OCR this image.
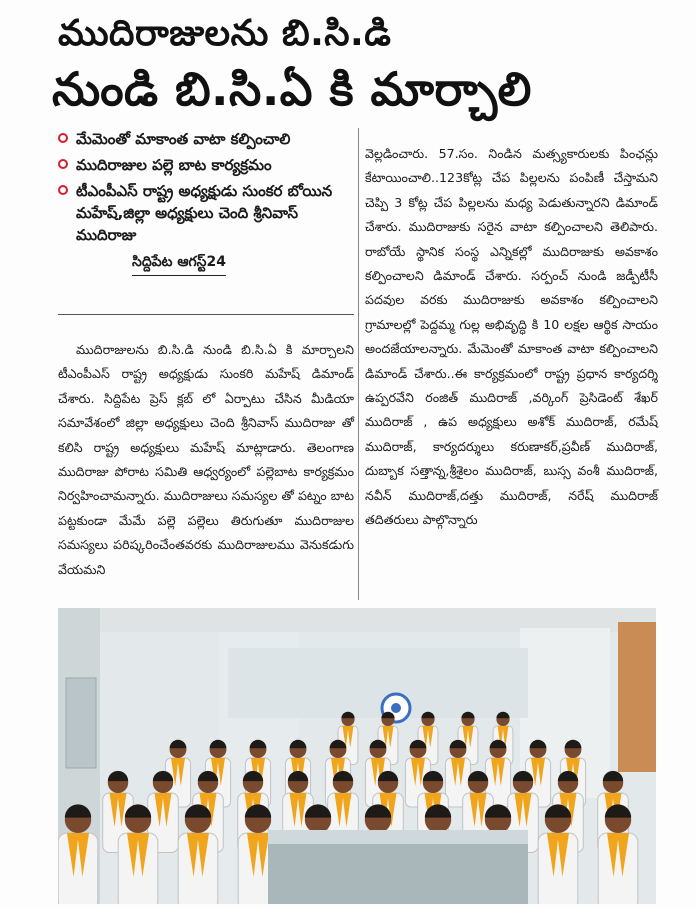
ముదిరాజులను బి.సి.డి
నుండి బి.సి.ఏ కి మార్చాలి
మేమెంతో మాకాంత వాటా కల్పించాలి
ముదిరాజుల పల్లె బాట కార్యక్రమం
టీఎంపీఎస్ రాష్ట్ర అధ్యక్షుడు సుంకర బోయిన మహేష్,జిల్లా అధ్యక్షులు చెంది శ్రీనివాస్ ముదిరాజు
సిద్దిపేట ఆగస్ట్24

ముదిరాజులను బి.సి.డి నుండి బి.సి.ఏ కి మార్చాలని టీఎంపీఎస్ రాష్ట్ర అధ్యక్షుడు సుంకరి మహేష్ డిమాండ్ చేశారు. సిద్దిపేట ప్రెస్ క్లబ్ లో ఏర్పాటు చేసిన మీడియా సమావేశంలో జిల్లా అధ్యక్షులు చెంది శ్రీనివాస్ ముదిరాజు తో కలిసి రాష్ట్ర అధ్యక్షులు మహేష్ మాట్లాడారు. తెలంగాణ ముదిరాజు పోరాట సమితి ఆధ్వర్యంలో పల్లెబాట కార్యక్రమం నిర్వహించామన్నారు. ముదిరాజులు సమస్యల తో పట్నం బాట పట్టకుండా మేమే పల్లె పల్లెలు తిరుగుతూ ముదిరాజుల సమస్యలు పరిష్కరించేంతవరకు ముదిరాజులము వెనుకడుగు వేయమని

వెల్లడించారు. 57.సం. నిండిన మత్స్యకారులకు పింఛన్లు కేటాయించాలి..123కోట్ల చేప పిల్లలను పంపిణీ చేస్తామని చెప్పి 3 కోట్ల చేప పిల్లలను మధ్య పెడుతున్నారని డిమాండ్ చేశారు. ముదిరాజుకు సరైన వాటా కల్పించాలని తెలిపారు. రాబోయే స్థానిక సంస్థ ఎన్నికల్లో ముదిరాజుకు అవకాశం కల్పించాలని డిమాండ్ చేశారు. సర్పంచ్ నుండి జడ్పీటీసీ పదవుల వరకు ముదిరాజుకు అవకాశం కల్పించాలని గ్రామాలల్లో పెద్దమ్మ గుల్ల అభివృద్ధి కి 10 లక్షల ఆర్థిక సాయం అందజేయాలన్నారు. మేమెంతో మాకాంత వాటా కల్పించాలని డిమాండ్ చేశారు..ఈ కార్యక్రమంలో రాష్ట్ర ప్రధాన కార్యదర్శి ఉప్పరవేని రంజిత్ ముదిరాజ్ ,వర్కింగ్ ప్రెసిడెంట్ శేఖర్ ముదిరాజ్ , ఉప అధ్యక్షులు అశోక్ ముదిరాజ్, రమేష్ ముదిరాజ్, కార్యదర్శులు కరుణాకర్,ప్రవీణ్ ముదిరాజ్, దుబ్బాక సత్తాన్న,శ్రీశైలం ముదిరాజ్, బుస్స వంశీ ముదిరాజ్, నవీన్ ముదిరాజ్,దత్తు ముదిరాజ్, నరేష్ ముదిరాజ్ తదితరులు పాల్గొన్నారు
